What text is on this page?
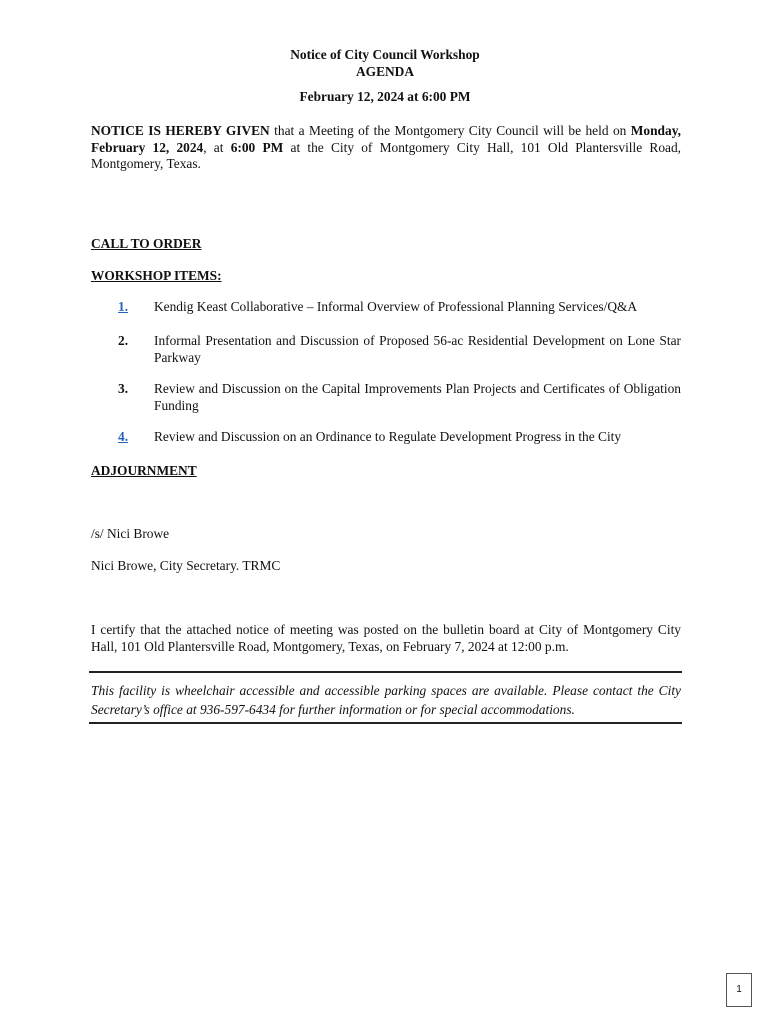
Notice of City Council Workshop
AGENDA
February 12, 2024 at 6:00 PM
NOTICE IS HEREBY GIVEN that a Meeting of the Montgomery City Council will be held on Monday, February 12, 2024, at 6:00 PM at the City of Montgomery City Hall, 101 Old Plantersville Road, Montgomery, Texas.
CALL TO ORDER
WORKSHOP ITEMS:
1. Kendig Keast Collaborative – Informal Overview of Professional Planning Services/Q&A
2. Informal Presentation and Discussion of Proposed 56-ac Residential Development on Lone Star Parkway
3. Review and Discussion on the Capital Improvements Plan Projects and Certificates of Obligation Funding
4. Review and Discussion on an Ordinance to Regulate Development Progress in the City
ADJOURNMENT
/s/ Nici Browe
Nici Browe, City Secretary. TRMC
I certify that the attached notice of meeting was posted on the bulletin board at City of Montgomery City Hall, 101 Old Plantersville Road, Montgomery, Texas, on February 7, 2024 at 12:00 p.m.
This facility is wheelchair accessible and accessible parking spaces are available. Please contact the City Secretary’s office at 936-597-6434 for further information or for special accommodations.
1
